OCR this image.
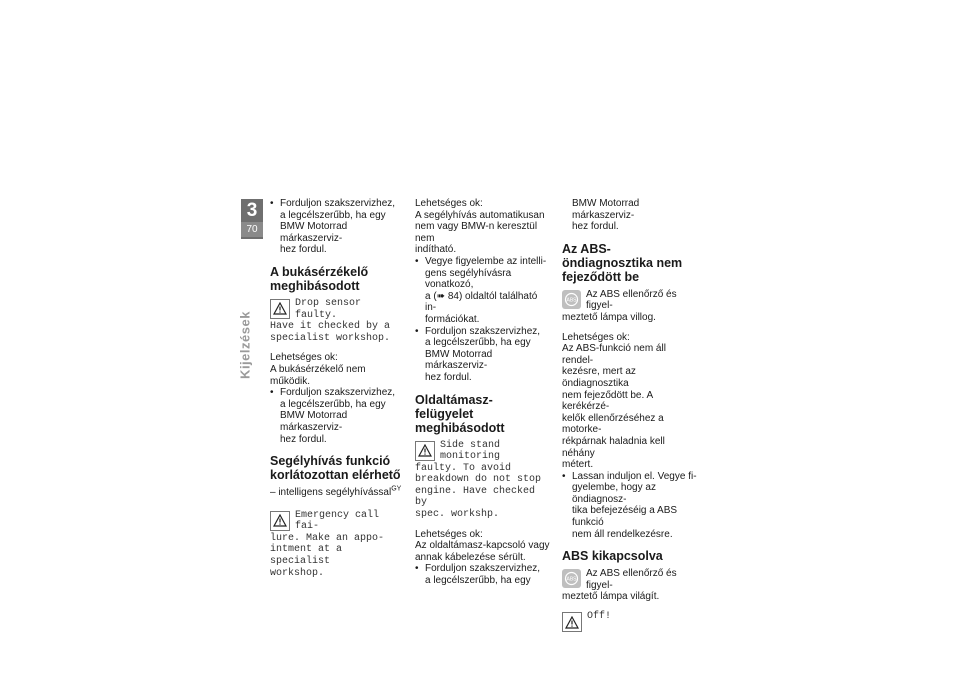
3
70
Kijelzések
• Forduljon szakszervizhez,

a legcélszerűbb, ha egy

BMW Motorrad márkaszerviz-

hez fordul.

A bukásérzékelő meghibásodott
Drop sensor faulty.
Have it checked by a
specialist workshop.

Lehetséges ok:

A bukásérzékelő nem működik.

• Forduljon szakszervizhez,

a legcélszerűbb, ha egy

BMW Motorrad márkaszerviz-

hez fordul.

Segélyhívás funkció korlátozottan elérhető

– intelligens segélyhívással$^{GY}$

Emergency call fai-
lure. Make an appo-
intment at a specialist
workshop.

Lehetséges ok:

A segélyhívás automatikusan

nem vagy BMW-n keresztül nem

indítható.

• Vegye figyelembe az intelli-

gens segélyhívásra vonatkozó,

a (➠ 84) oldaltól található in-

formációkat.

• Forduljon szakszervizhez,

a legcélszerűbb, ha egy

BMW Motorrad márkaszerviz-

hez fordul.

Oldaltámasz-felügyelet meghibásodott
Side stand monitoring
faulty. To avoid
breakdown do not stop
engine. Have checked by
spec. workshp.

Lehetséges ok:

Az oldaltámasz-kapcsoló vagy

annak kábelezése sérült.

• Forduljon szakszervizhez,

a legcélszerűbb, ha egy

BMW Motorrad márkaszerviz-

hez fordul.

Az ABS-öndiagnosztika nem fejeződött be
ABS

Az ABS ellenőrző és figyel-

meztető lámpa villog.

Lehetséges ok:

Az ABS-funkció nem áll rendel-

kezésre, mert az öndiagnosztika

nem fejeződött be. A kerékérzé-

kelők ellenőrzéséhez a motorke-

rékpárnak haladnia kell néhány

métert.

• Lassan induljon el. Vegye fi-

gyelembe, hogy az öndiagnosz-

tika befejezéséig a ABS funkció

nem áll rendelkezésre.

ABS kikapcsolva
ABS

Az ABS ellenőrző és figyel-

meztető lámpa világít.

Off!
